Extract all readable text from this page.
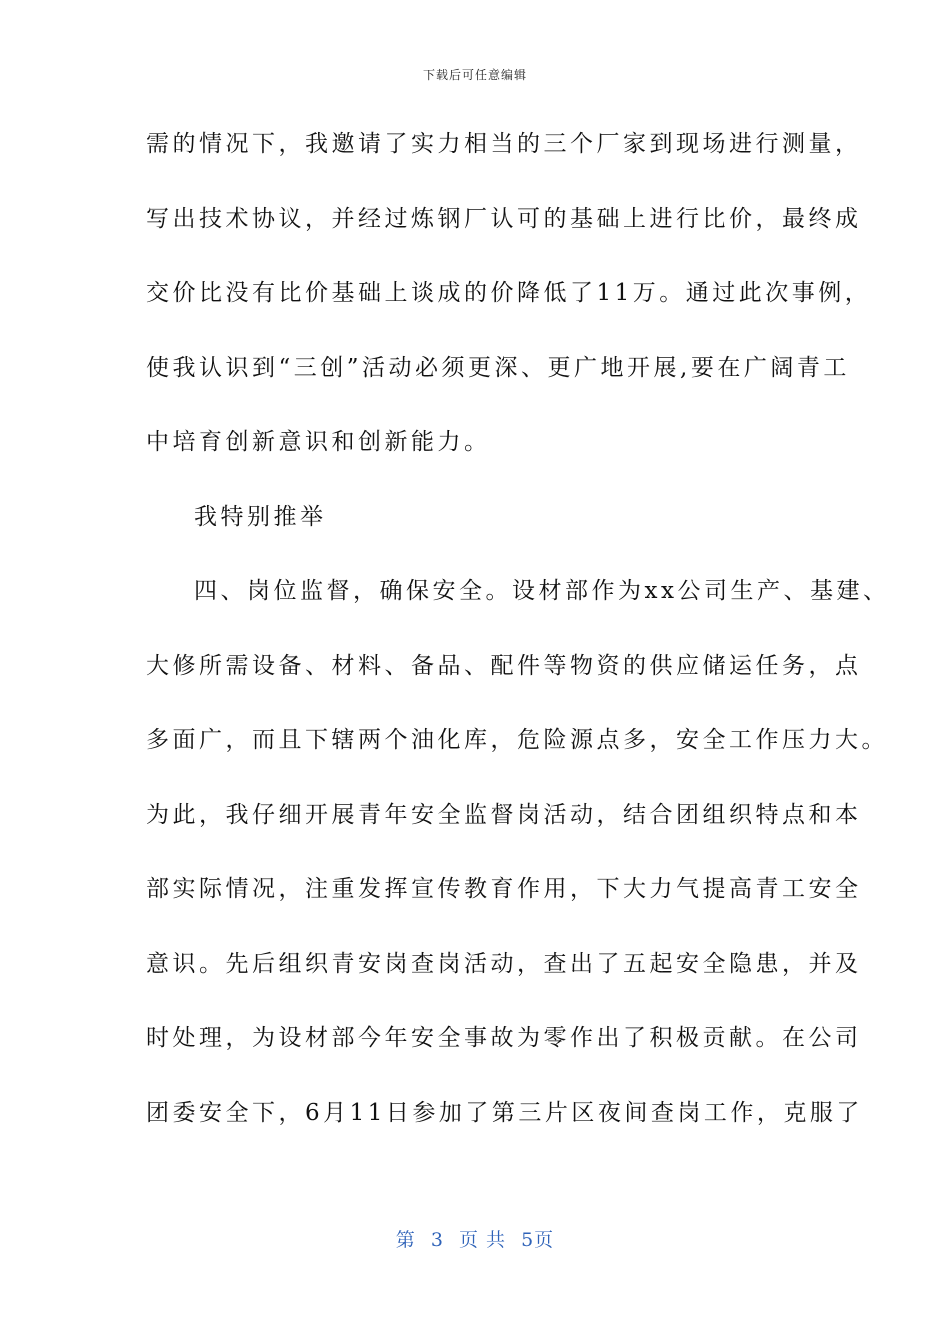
下载后可任意编辑
需的情况下，我邀请了实力相当的三个厂家到现场进行测量，
写出技术协议，并经过炼钢厂认可的基础上进行比价，最终成
交价比没有比价基础上谈成的价降低了11万。通过此次事例，
使我认识到“三创”活动必须更深、更广地开展,要在广阔青工
中培育创新意识和创新能力。
我特别推举
四、岗位监督，确保安全。设材部作为xx公司生产、基建、
大修所需设备、材料、备品、配件等物资的供应储运任务，点
多面广，而且下辖两个油化库，危险源点多，安全工作压力大。
为此，我仔细开展青年安全监督岗活动，结合团组织特点和本
部实际情况，注重发挥宣传教育作用，下大力气提高青工安全
意识。先后组织青安岗查岗活动，查出了五起安全隐患，并及
时处理，为设材部今年安全事故为零作出了积极贡献。在公司
团委安全下，6月11日参加了第三片区夜间查岗工作，克服了
第 3 页 共 5页
